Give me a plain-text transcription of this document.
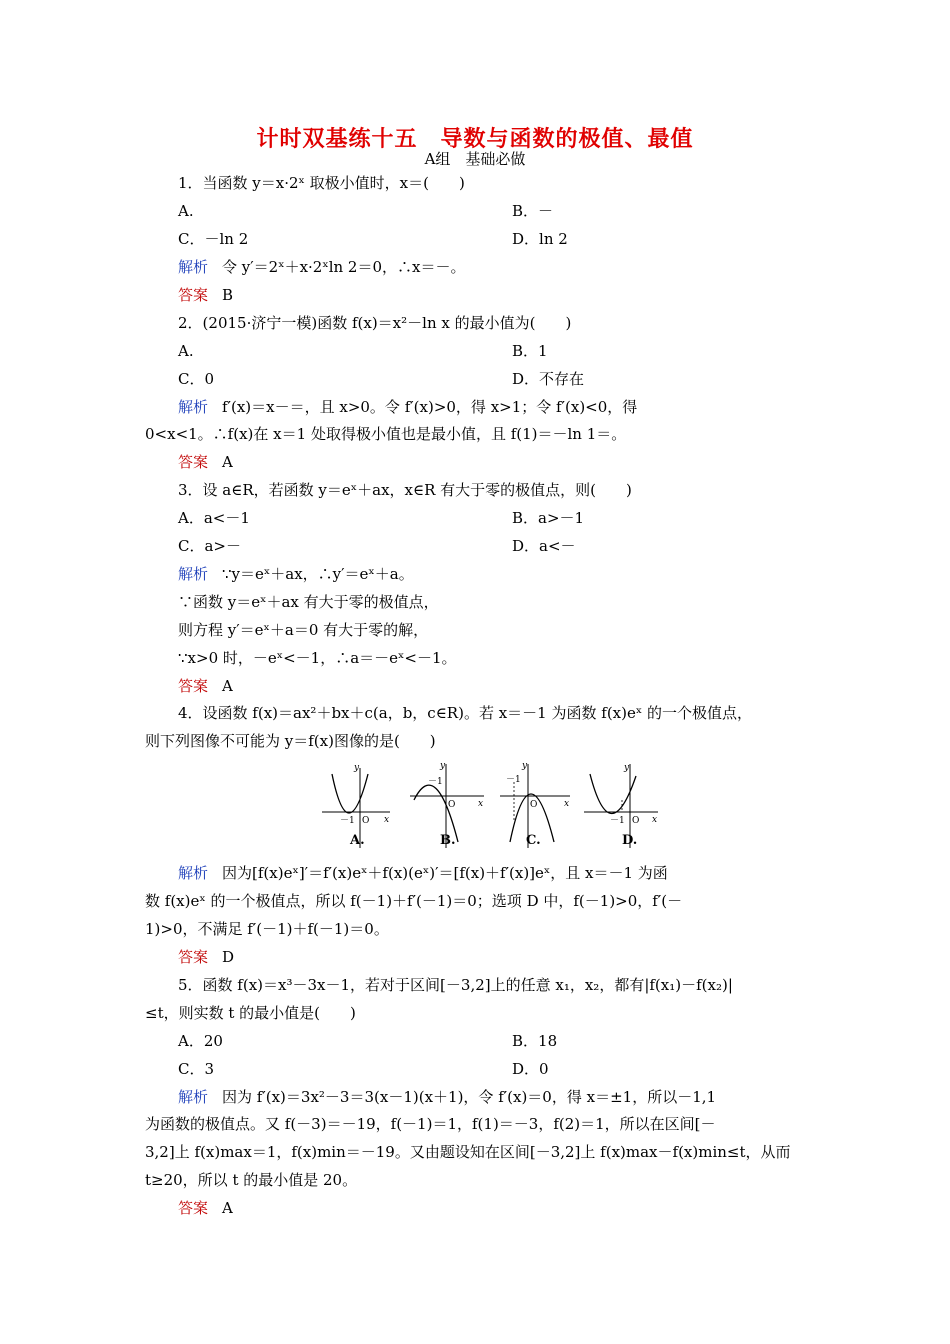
计时双基练十五　导数与函数的极值、最值
A组　基础必做
1．当函数 y＝x·2ˣ 取极小值时，x＝(　　)
A.	B．－
C．－ln 2	D．ln 2
解析 令 y′＝2ˣ＋x·2ˣln 2＝0，∴x＝－。
答案 B
2．(2015·济宁一模)函数 f(x)＝x²－ln x 的最小值为(　　)
A.	B．1
C．0	D．不存在
解析 f′(x)＝x－＝，且 x>0。令 f′(x)>0，得 x>1；令 f′(x)<0，得
0<x<1。∴f(x)在 x＝1 处取得极小值也是最小值，且 f(1)＝－ln 1＝。
答案 A
3．设 a∈R，若函数 y＝eˣ＋ax，x∈R 有大于零的极值点，则(　　)
A．a<－1	B．a>－1
C．a>－	D．a<－
解析 ∵y＝eˣ＋ax，∴y′＝eˣ＋a。
∵函数 y＝eˣ＋ax 有大于零的极值点，
则方程 y′＝eˣ＋a＝0 有大于零的解，
∵x>0 时，－eˣ<－1，∴a＝－eˣ<－1。
答案 A
4．设函数 f(x)＝ax²＋bx＋c(a，b，c∈R)。若 x＝－1 为函数 f(x)eˣ 的一个极值点，
则下列图像不可能为 y＝f(x)图像的是(　　)
y
x
O
－1
y
x
O
－1
y
x
O
－1
y
x
O
－1
A.	B.	C.	D.
解析 因为[f(x)eˣ]′＝f′(x)eˣ＋f(x)(eˣ)′＝[f(x)＋f′(x)]eˣ，且 x＝－1 为函
数 f(x)eˣ 的一个极值点，所以 f(－1)＋f′(－1)＝0；选项 D 中，f(－1)>0，f′(－
1)>0，不满足 f′(－1)＋f(－1)＝0。
答案 D
5．函数 f(x)＝x³－3x－1，若对于区间[－3,2]上的任意 x₁，x₂，都有|f(x₁)－f(x₂)|
≤t，则实数 t 的最小值是(　　)
A．20	B．18
C．3	D．0
解析 因为 f′(x)＝3x²－3＝3(x－1)(x＋1)，令 f′(x)＝0，得 x＝±1，所以－1,1
为函数的极值点。又 f(－3)＝－19，f(－1)＝1，f(1)＝－3，f(2)＝1，所以在区间[－
3,2]上 f(x)max＝1，f(x)min＝－19。又由题设知在区间[－3,2]上 f(x)max－f(x)min≤t，从而
t≥20，所以 t 的最小值是 20。
答案 A
